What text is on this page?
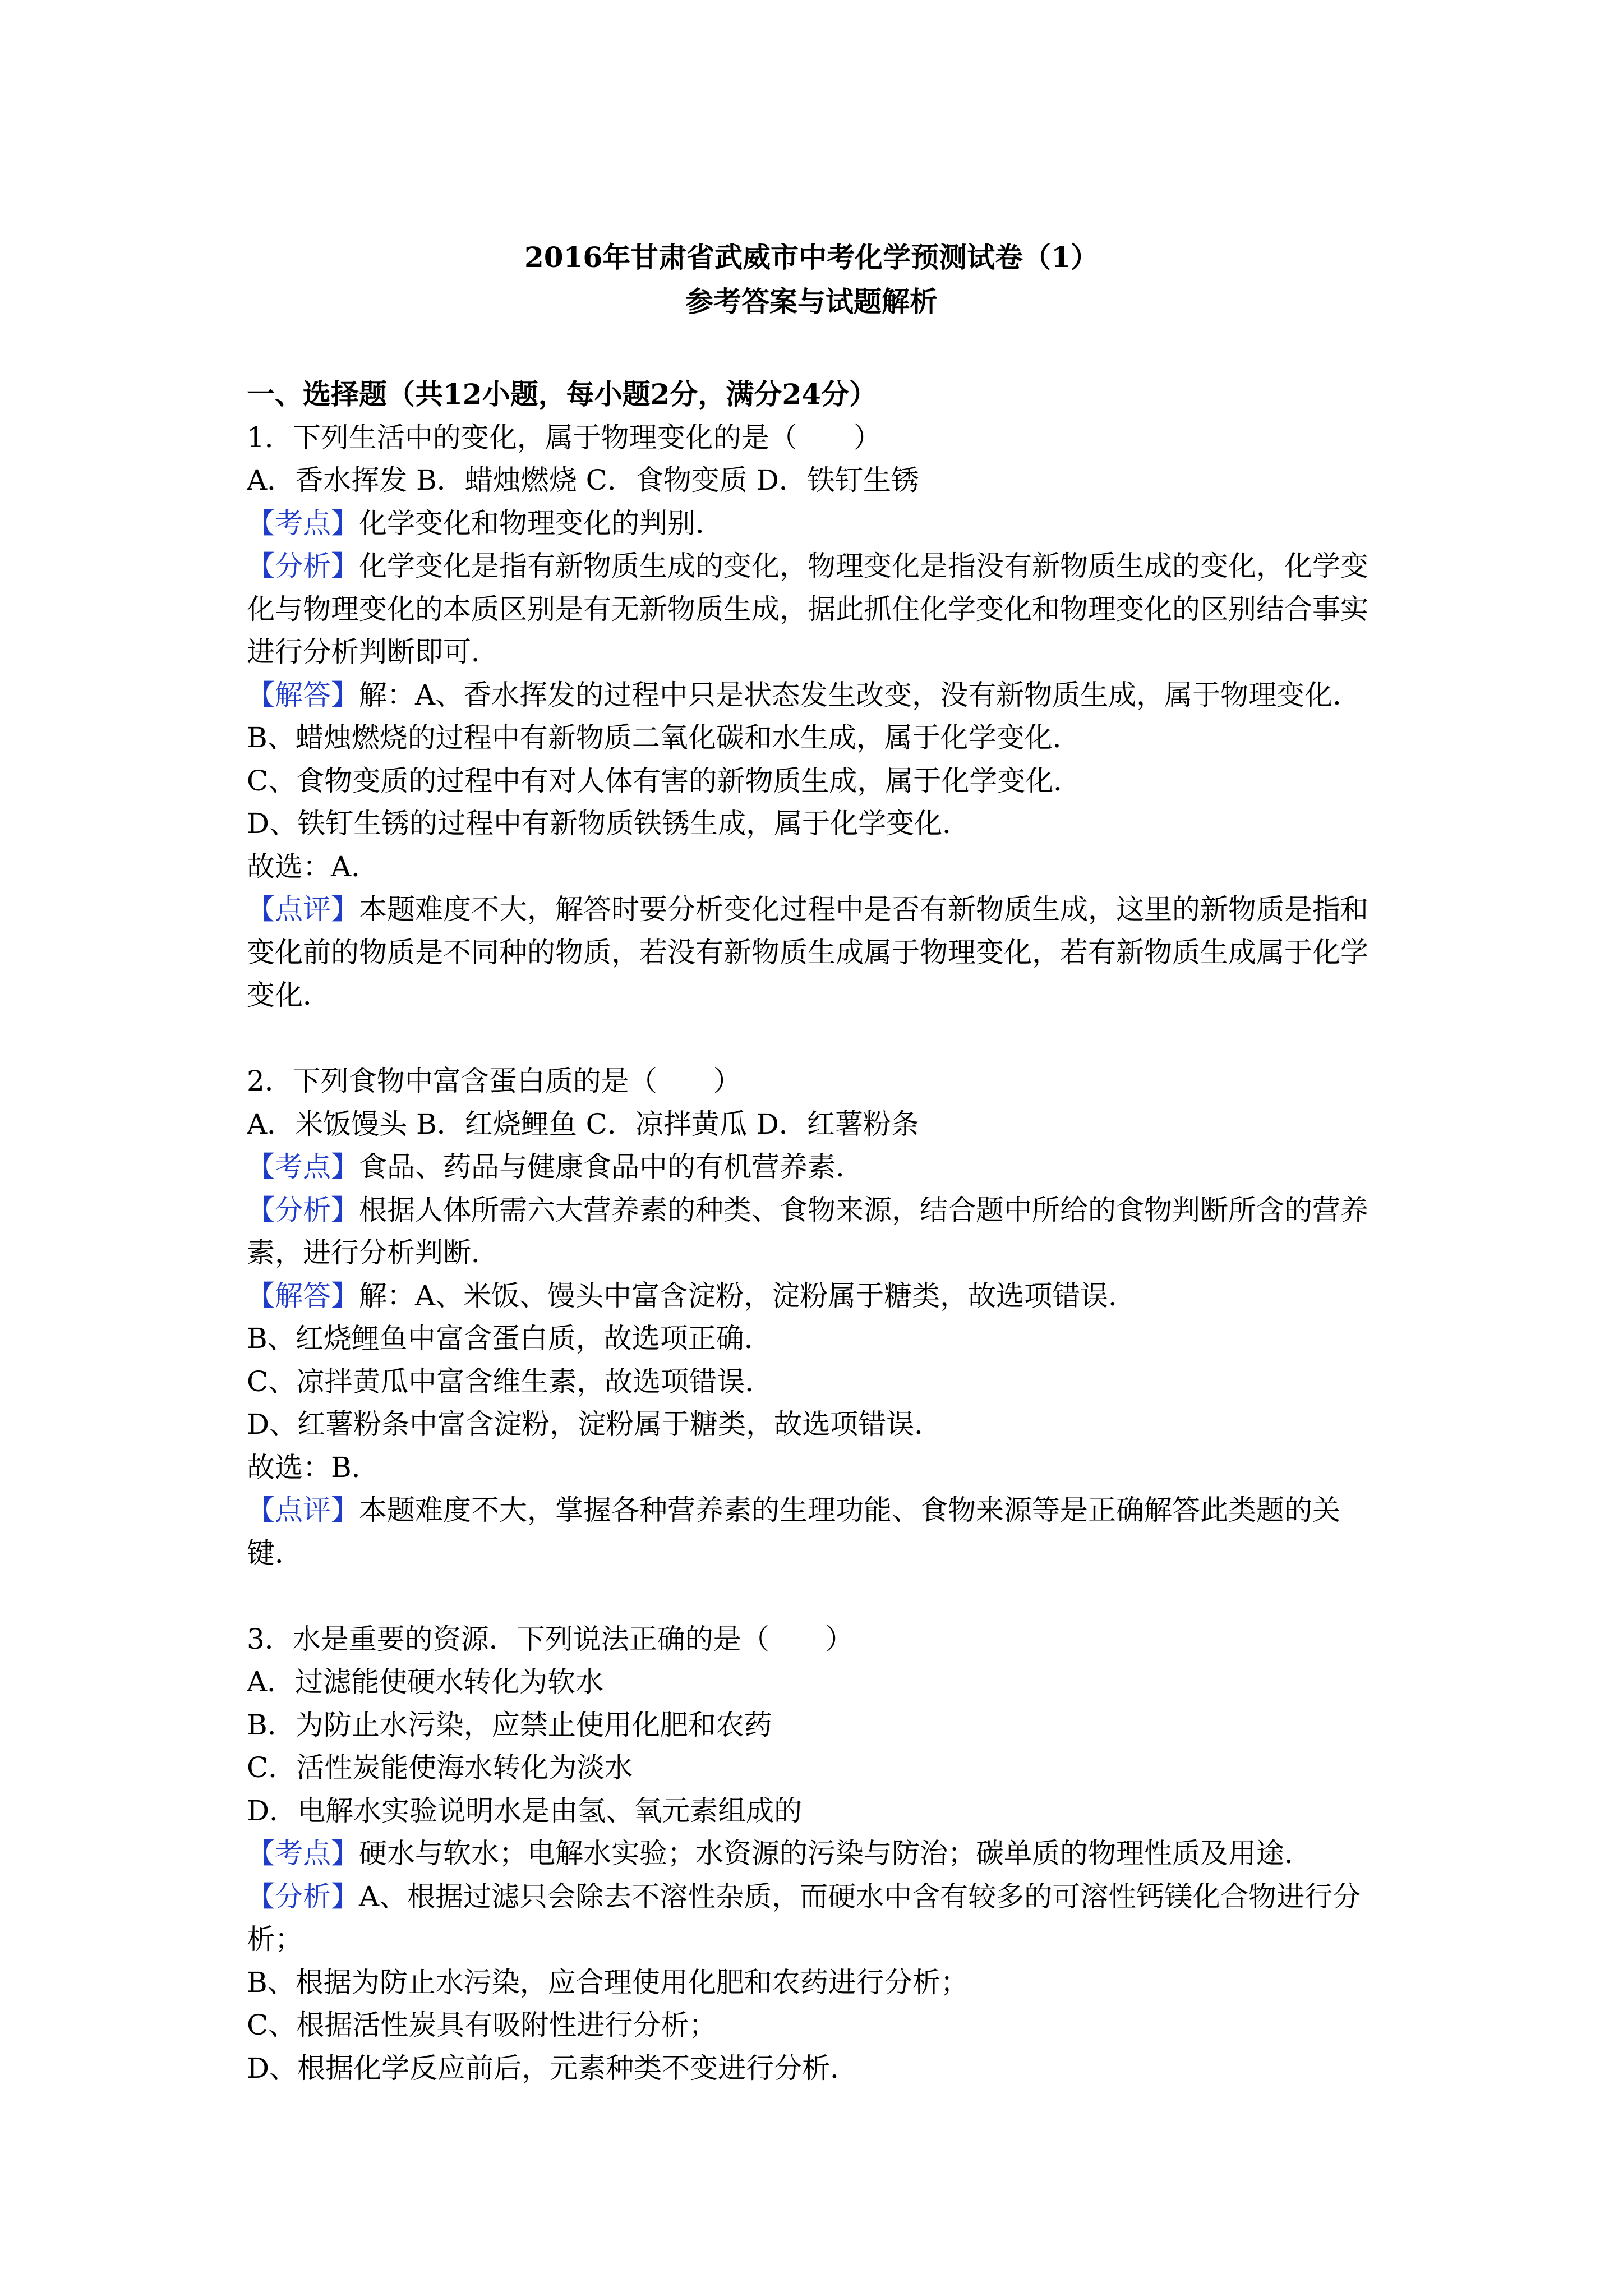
2016年甘肃省武威市中考化学预测试卷（1）
参考答案与试题解析
一、选择题（共12小题，每小题2分，满分24分）
1．下列生活中的变化，属于物理变化的是（　　）
A．香水挥发 B．蜡烛燃烧 C．食物变质 D．铁钉生锈
【考点】化学变化和物理变化的判别．
【分析】化学变化是指有新物质生成的变化，物理变化是指没有新物质生成的变化，化学变
化与物理变化的本质区别是有无新物质生成，据此抓住化学变化和物理变化的区别结合事实
进行分析判断即可．
【解答】解：A、香水挥发的过程中只是状态发生改变，没有新物质生成，属于物理变化．
B、蜡烛燃烧的过程中有新物质二氧化碳和水生成，属于化学变化．
C、食物变质的过程中有对人体有害的新物质生成，属于化学变化．
D、铁钉生锈的过程中有新物质铁锈生成，属于化学变化．
故选：A．
【点评】本题难度不大，解答时要分析变化过程中是否有新物质生成，这里的新物质是指和
变化前的物质是不同种的物质，若没有新物质生成属于物理变化，若有新物质生成属于化学
变化．
2．下列食物中富含蛋白质的是（　　）
A．米饭馒头 B．红烧鲤鱼 C．凉拌黄瓜 D．红薯粉条
【考点】食品、药品与健康食品中的有机营养素．
【分析】根据人体所需六大营养素的种类、食物来源，结合题中所给的食物判断所含的营养
素，进行分析判断．
【解答】解：A、米饭、馒头中富含淀粉，淀粉属于糖类，故选项错误．
B、红烧鲤鱼中富含蛋白质，故选项正确．
C、凉拌黄瓜中富含维生素，故选项错误．
D、红薯粉条中富含淀粉，淀粉属于糖类，故选项错误．
故选：B．
【点评】本题难度不大，掌握各种营养素的生理功能、食物来源等是正确解答此类题的关
键．
3．水是重要的资源．下列说法正确的是（　　）
A．过滤能使硬水转化为软水
B．为防止水污染，应禁止使用化肥和农药
C．活性炭能使海水转化为淡水
D．电解水实验说明水是由氢、氧元素组成的
【考点】硬水与软水；电解水实验；水资源的污染与防治；碳单质的物理性质及用途．
【分析】A、根据过滤只会除去不溶性杂质，而硬水中含有较多的可溶性钙镁化合物进行分
析；
B、根据为防止水污染，应合理使用化肥和农药进行分析；
C、根据活性炭具有吸附性进行分析；
D、根据化学反应前后，元素种类不变进行分析．
